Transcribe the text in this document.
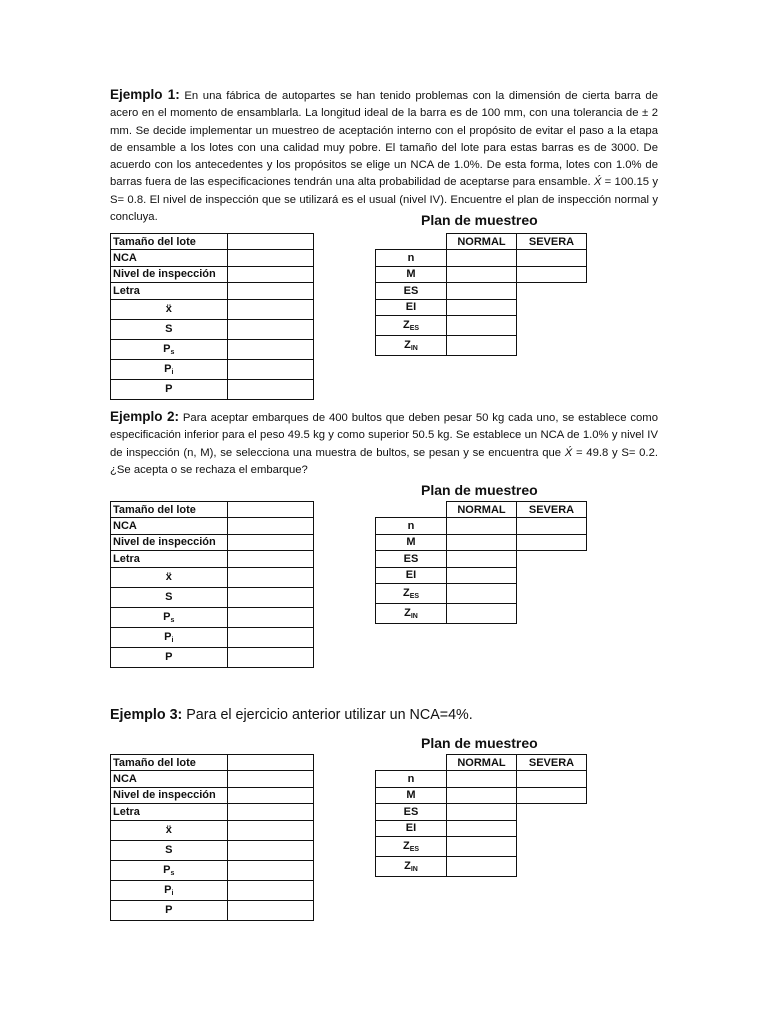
Ejemplo 1: En una fábrica de autopartes se han tenido problemas con la dimensión de cierta barra de acero en el momento de ensamblarla. La longitud ideal de la barra es de 100 mm, con una tolerancia de ± 2 mm. Se decide implementar un muestreo de aceptación interno con el propósito de evitar el paso a la etapa de ensamble a los lotes con una calidad muy pobre. El tamaño del lote para estas barras es de 3000. De acuerdo con los antecedentes y los propósitos se elige un NCA de 1.0%. De esta forma, lotes con 1.0% de barras fuera de las especificaciones tendrán una alta probabilidad de aceptarse para ensamble. X́ = 100.15 y S= 0.8. El nivel de inspección que se utilizará es el usual (nivel IV). Encuentre el plan de inspección normal y concluya.	Plan de muestreo
Tamaño del lote	
NCA	
Nivel de inspección	
Letra	
ẍ	
S	
$P_s$	
$P_i$	
P	
	NORMAL	SEVERA
n		
M		
ES		
EI		
$Z_{ES}$		
$Z_{IN}$		
Ejemplo 2: Para aceptar embarques de 400 bultos que deben pesar 50 kg cada uno, se establece como especificación inferior para el peso 49.5 kg y como superior 50.5 kg. Se establece un NCA de 1.0% y nivel IV de inspección (n, M), se selecciona una muestra de bultos, se pesan y se encuentra que X́ = 49.8 y S= 0.2. ¿Se acepta o se rechaza el embarque?
Plan de muestreo
Tamaño del lote	
NCA	
Nivel de inspección	
Letra	
ẍ	
S	
$P_s$	
$P_i$	
P	
	NORMAL	SEVERA
n		
M		
ES		
EI		
$Z_{ES}$		
$Z_{IN}$		
Ejemplo 3: Para el ejercicio anterior utilizar un NCA=4%.
Plan de muestreo
Tamaño del lote	
NCA	
Nivel de inspección	
Letra	
ẍ	
S	
$P_s$	
$P_i$	
P	
	NORMAL	SEVERA
n		
M		
ES		
EI		
$Z_{ES}$		
$Z_{IN}$		
